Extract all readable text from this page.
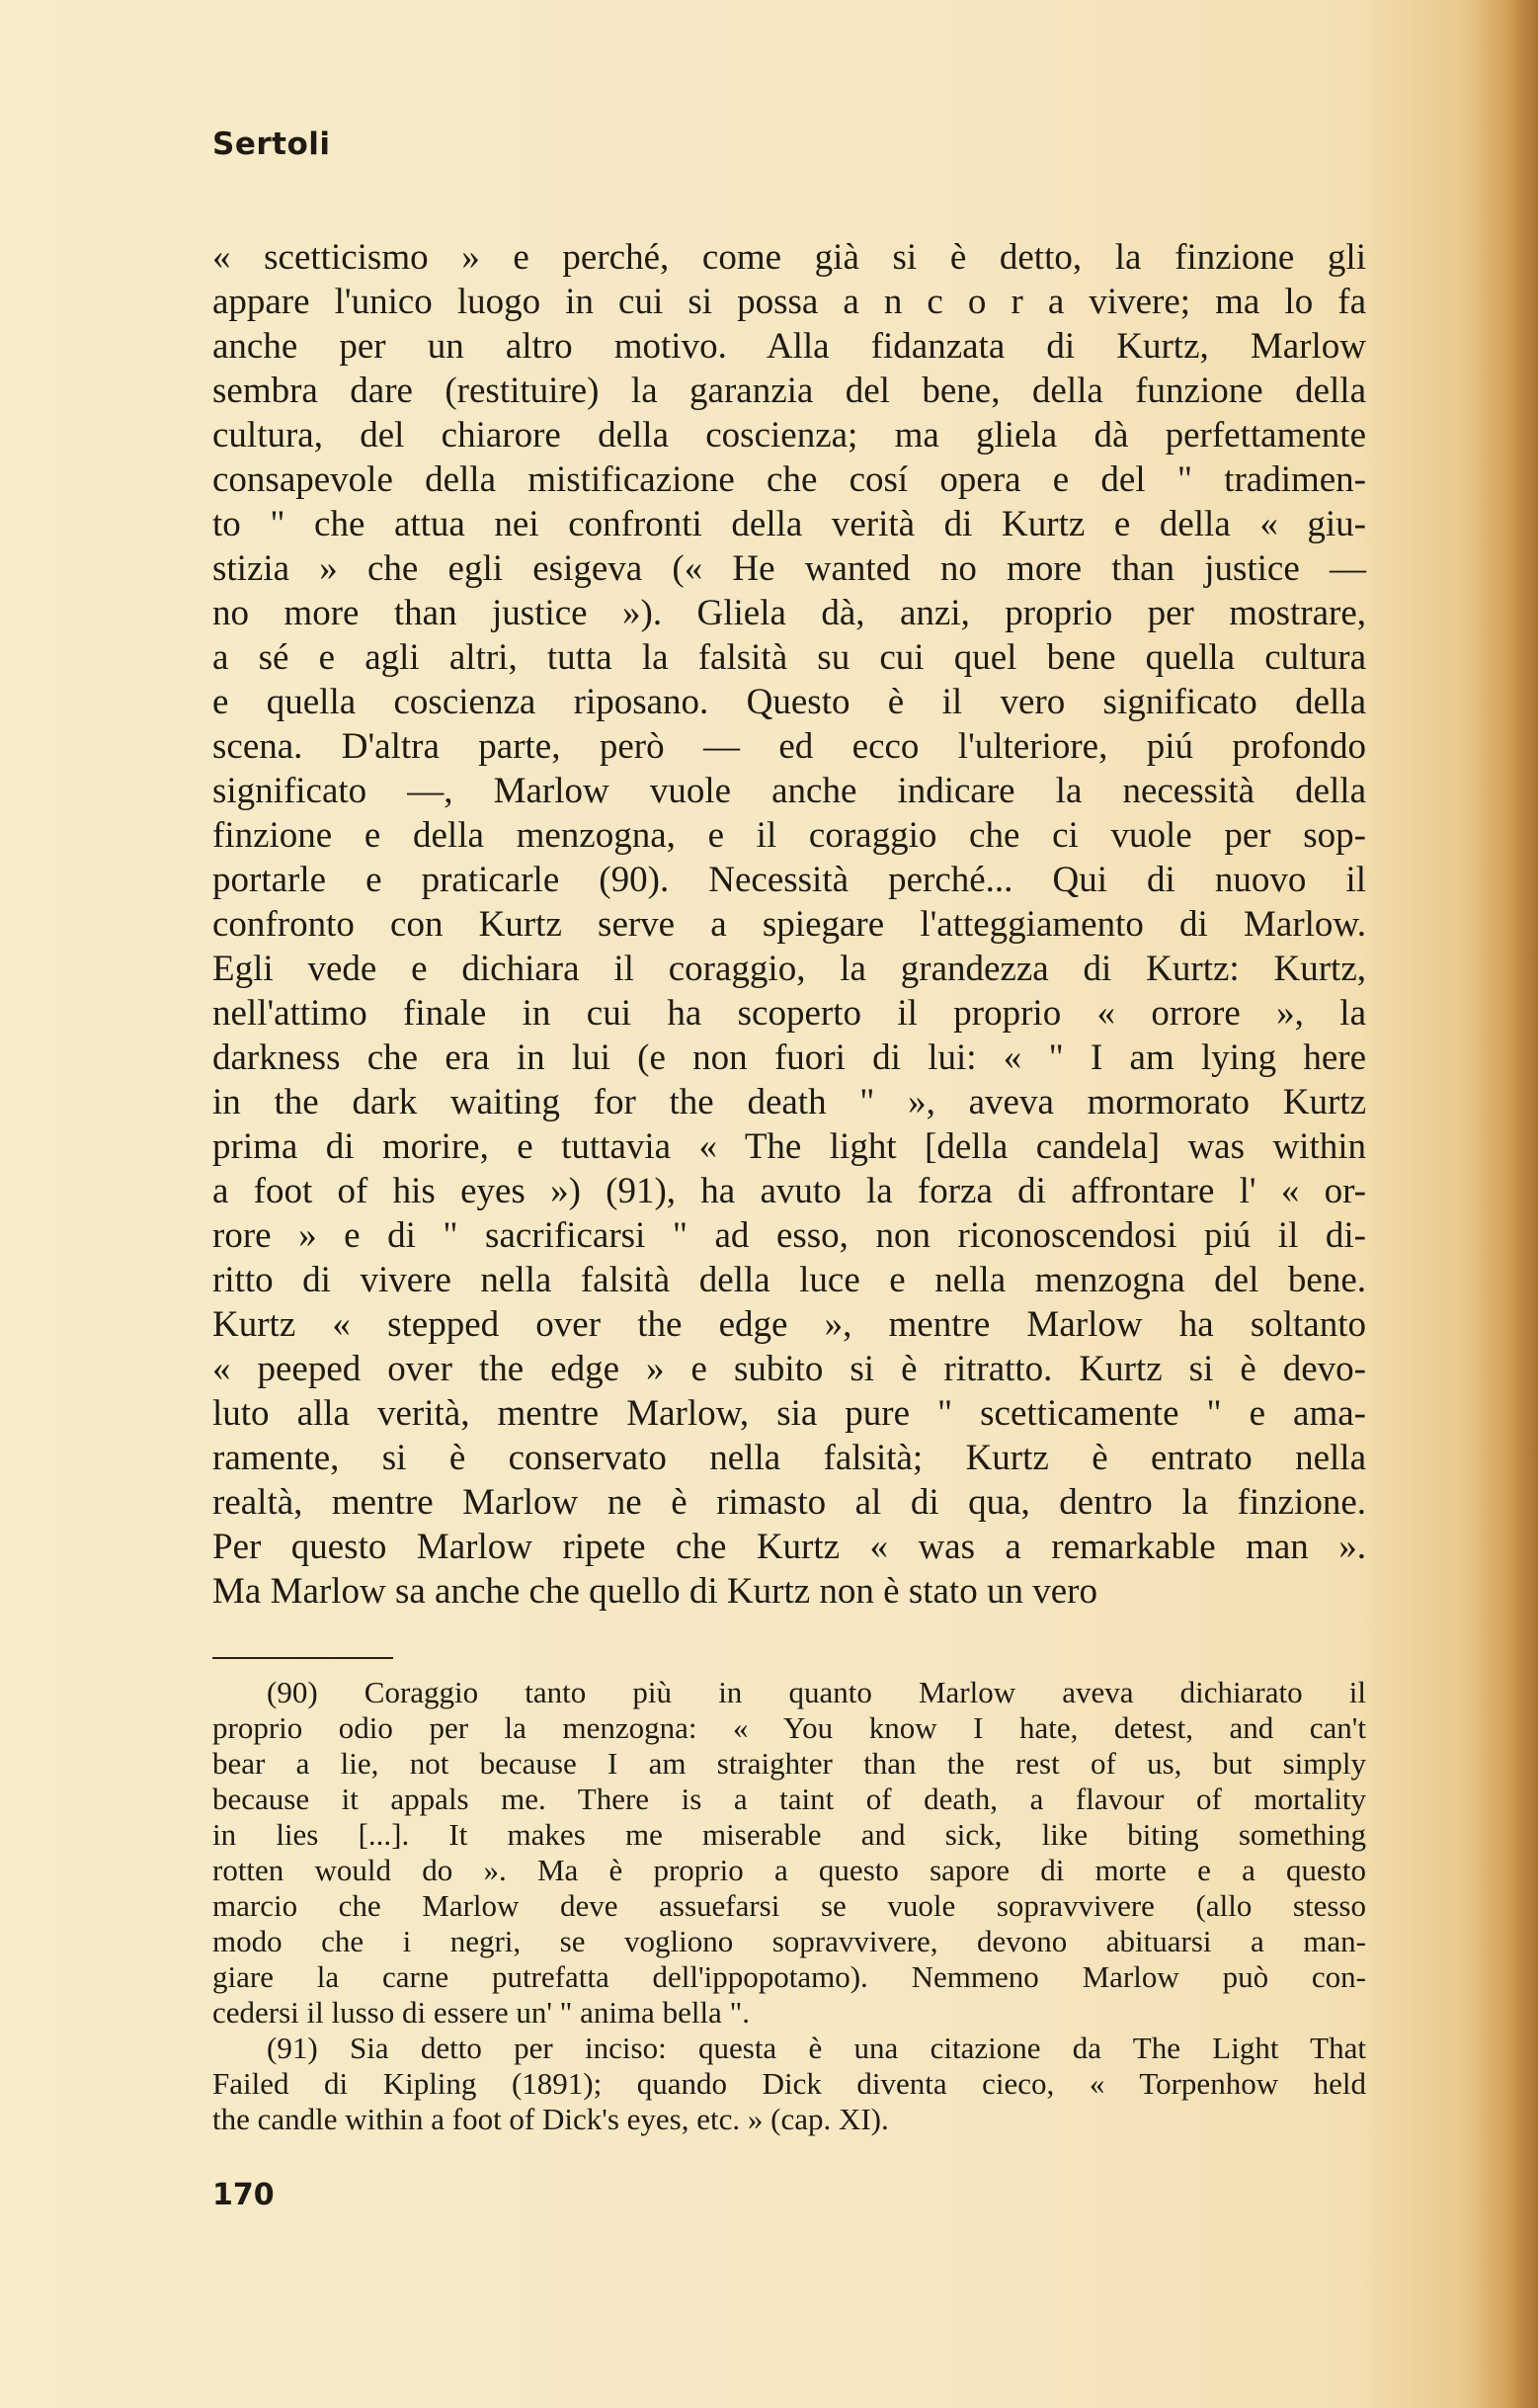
Sertoli
« scetticismo » e perché, come già si è detto, la finzione gli
appare l'unico luogo in cui si possa a n c o r a vivere; ma lo fa
anche per un altro motivo. Alla fidanzata di Kurtz, Marlow
sembra dare (restituire) la garanzia del bene, della funzione della
cultura, del chiarore della coscienza; ma gliela dà perfettamente
consapevole della mistificazione che cosí opera e del " tradimen-
to " che attua nei confronti della verità di Kurtz e della « giu-
stizia » che egli esigeva (« He wanted no more than justice —
no more than justice »). Gliela dà, anzi, proprio per mostrare,
a sé e agli altri, tutta la falsità su cui quel bene quella cultura
e quella coscienza riposano. Questo è il vero significato della
scena. D'altra parte, però — ed ecco l'ulteriore, piú profondo
significato —, Marlow vuole anche indicare la necessità della
finzione e della menzogna, e il coraggio che ci vuole per sop-
portarle e praticarle (90). Necessità perché... Qui di nuovo il
confronto con Kurtz serve a spiegare l'atteggiamento di Marlow.
Egli vede e dichiara il coraggio, la grandezza di Kurtz: Kurtz,
nell'attimo finale in cui ha scoperto il proprio « orrore », la
darkness che era in lui (e non fuori di lui: « " I am lying here
in the dark waiting for the death " », aveva mormorato Kurtz
prima di morire, e tuttavia « The light [della candela] was within
a foot of his eyes ») (91), ha avuto la forza di affrontare l' « or-
rore » e di " sacrificarsi " ad esso, non riconoscendosi piú il di-
ritto di vivere nella falsità della luce e nella menzogna del bene.
Kurtz « stepped over the edge », mentre Marlow ha soltanto
« peeped over the edge » e subito si è ritratto. Kurtz si è devo-
luto alla verità, mentre Marlow, sia pure " scetticamente " e ama-
ramente, si è conservato nella falsità; Kurtz è entrato nella
realtà, mentre Marlow ne è rimasto al di qua, dentro la finzione.
Per questo Marlow ripete che Kurtz « was a remarkable man ».
Ma Marlow sa anche che quello di Kurtz non è stato un vero
(90) Coraggio tanto più in quanto Marlow aveva dichiarato il
proprio odio per la menzogna: « You know I hate, detest, and can't
bear a lie, not because I am straighter than the rest of us, but simply
because it appals me. There is a taint of death, a flavour of mortality
in lies [...]. It makes me miserable and sick, like biting something
rotten would do ». Ma è proprio a questo sapore di morte e a questo
marcio che Marlow deve assuefarsi se vuole sopravvivere (allo stesso
modo che i negri, se vogliono sopravvivere, devono abituarsi a man-
giare la carne putrefatta dell'ippopotamo). Nemmeno Marlow può con-
cedersi il lusso di essere un' " anima bella ".
(91) Sia detto per inciso: questa è una citazione da The Light That
Failed di Kipling (1891); quando Dick diventa cieco, « Torpenhow held
the candle within a foot of Dick's eyes, etc. » (cap. XI).
170
